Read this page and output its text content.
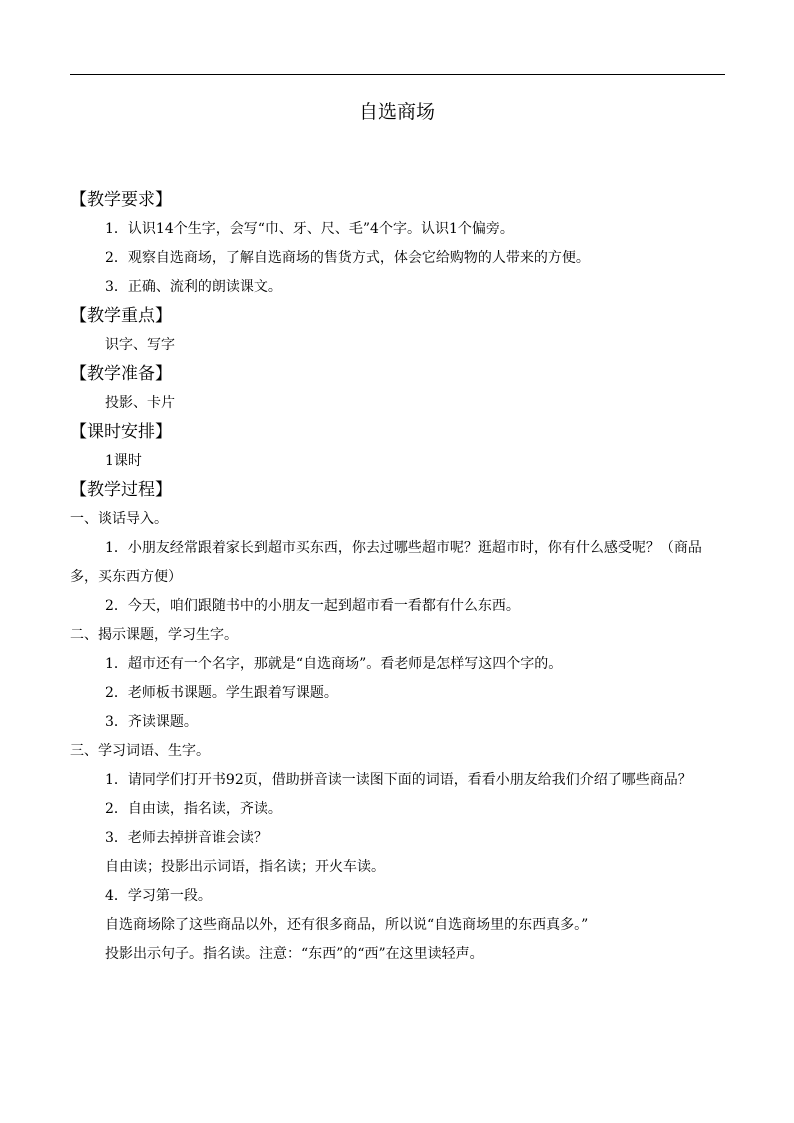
自选商场
【教学要求】
1．认识14个生字，会写“巾、牙、尺、毛”4个字。认识1个偏旁。
2．观察自选商场，了解自选商场的售货方式，体会它给购物的人带来的方便。
3．正确、流利的朗读课文。
【教学重点】
识字、写字
【教学准备】
投影、卡片
【课时安排】
1课时
【教学过程】
一、谈话导入。
1．小朋友经常跟着家长到超市买东西，你去过哪些超市呢？逛超市时，你有什么感受呢？（商品多，买东西方便）
2．今天，咱们跟随书中的小朋友一起到超市看一看都有什么东西。
二、揭示课题，学习生字。
1．超市还有一个名字，那就是“自选商场”。看老师是怎样写这四个字的。
2．老师板书课题。学生跟着写课题。
3．齐读课题。
三、学习词语、生字。
1．请同学们打开书92页，借助拼音读一读图下面的词语，看看小朋友给我们介绍了哪些商品？
2．自由读，指名读，齐读。
3．老师去掉拼音谁会读？
自由读；投影出示词语，指名读；开火车读。
4．学习第一段。
自选商场除了这些商品以外，还有很多商品，所以说“自选商场里的东西真多。”
投影出示句子。指名读。注意：“东西”的“西”在这里读轻声。
